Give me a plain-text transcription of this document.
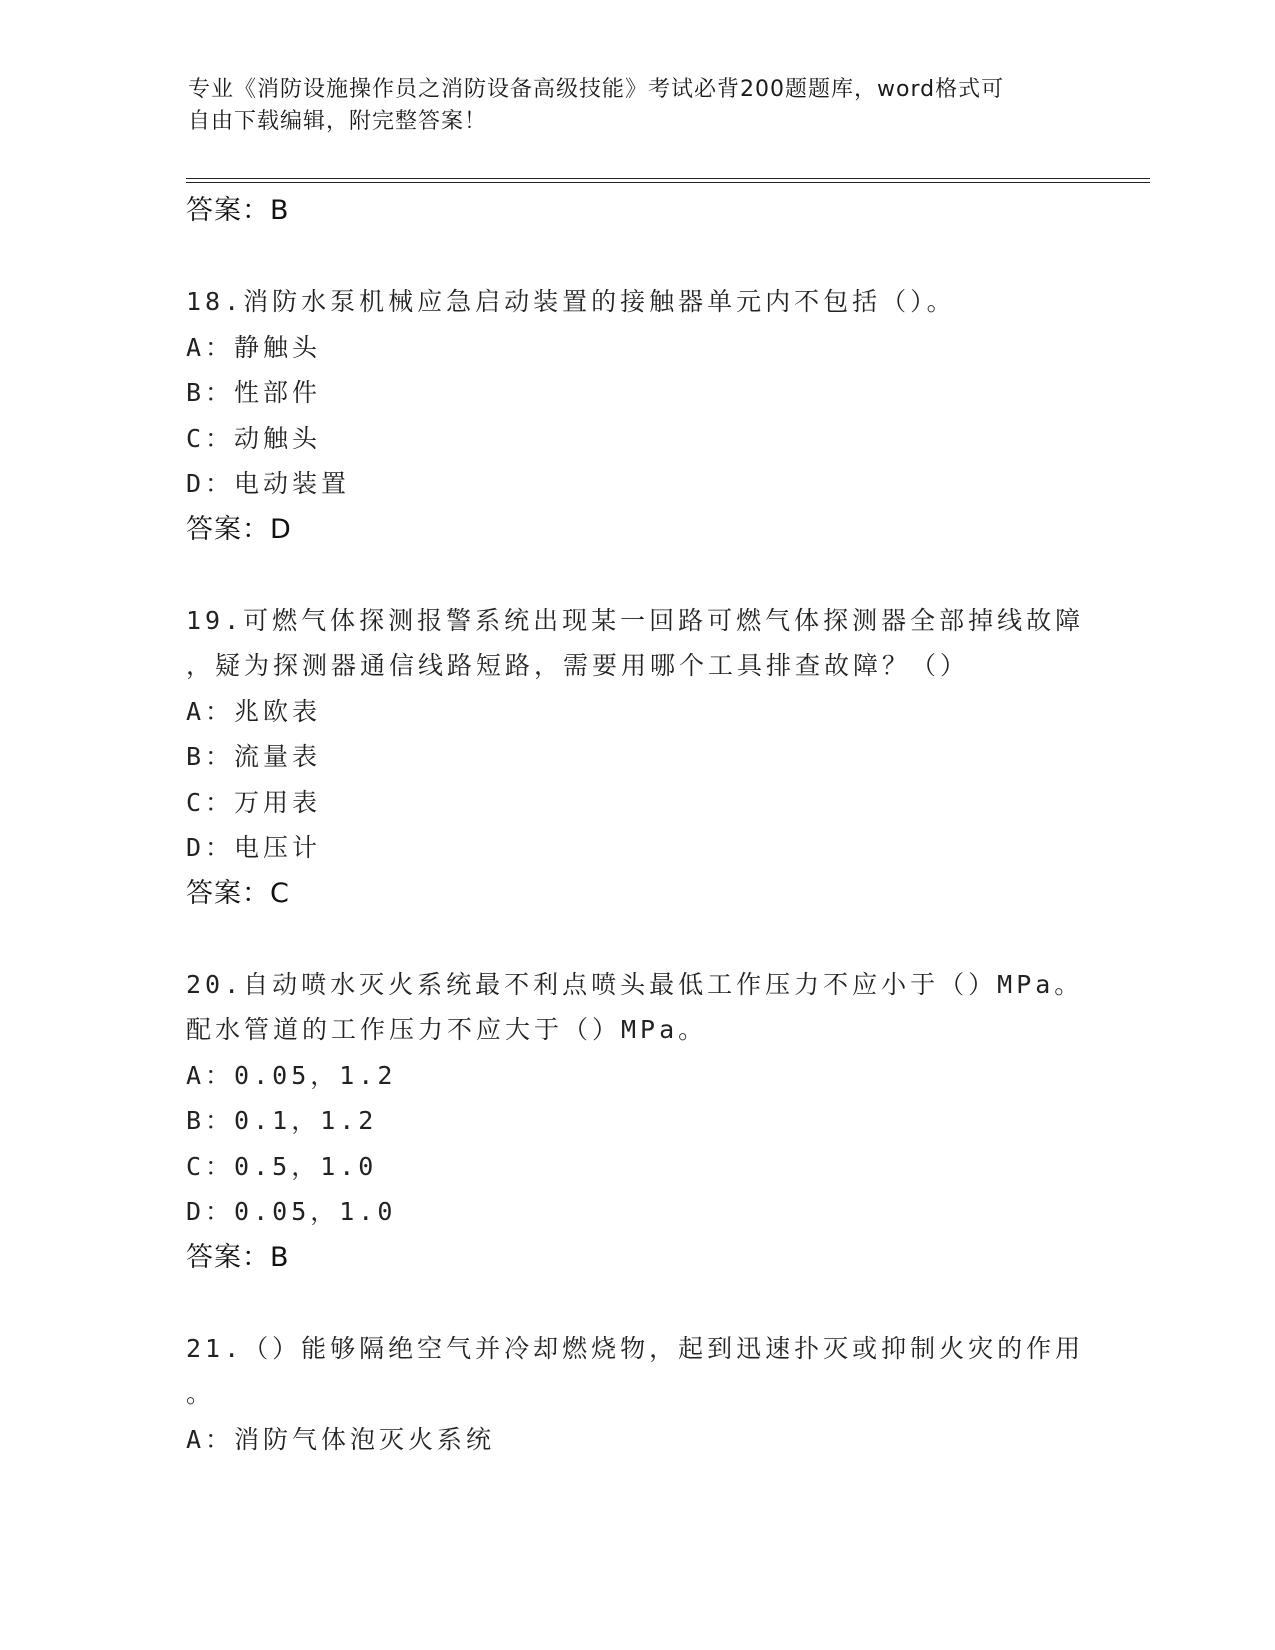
专业《消防设施操作员之消防设备高级技能》考试必背200题题库，word格式可
自由下载编辑，附完整答案！
答案：B
18.消防水泵机械应急启动装置的接触器单元内不包括（）。
A：静触头
B：性部件
C：动触头
D：电动装置
答案：D
19.可燃气体探测报警系统出现某一回路可燃气体探测器全部掉线故障
，疑为探测器通信线路短路，需要用哪个工具排查故障？（）
A：兆欧表
B：流量表
C：万用表
D：电压计
答案：C
20.自动喷水灭火系统最不利点喷头最低工作压力不应小于（）MPa。
配水管道的工作压力不应大于（）MPa。
A：0.05，1.2
B：0.1，1.2
C：0.5，1.0
D：0.05，1.0
答案：B
21.（）能够隔绝空气并冷却燃烧物，起到迅速扑灭或抑制火灾的作用
。
A：消防气体泡灭火系统
